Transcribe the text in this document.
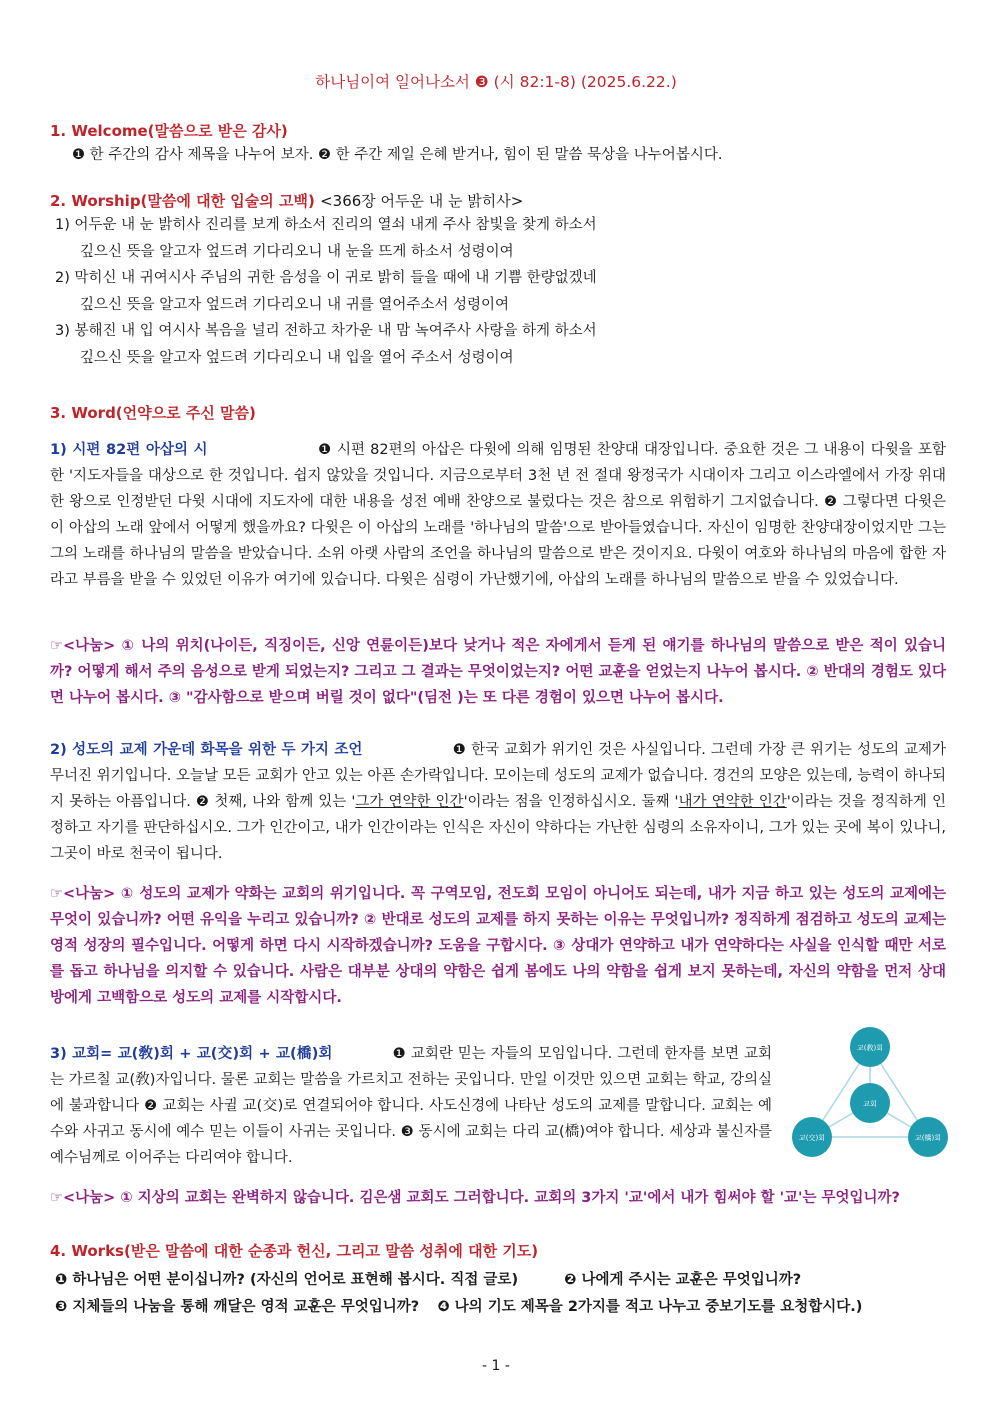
하나님이여 일어나소서 ❸ (시 82:1-8) (2025.6.22.)
1. Welcome(말씀으로 받은 감사)
❶ 한 주간의 감사 제목을 나누어 보자. ❷ 한 주간 제일 은혜 받거나, 힘이 된 말씀 묵상을 나누어봅시다.
2. Worship(말씀에 대한 입술의 고백) <366장 어두운 내 눈 밝히사>
1) 어두운 내 눈 밝히사 진리를 보게 하소서 진리의 열쇠 내게 주사 참빛을 찾게 하소서
깊으신 뜻을 알고자 엎드려 기다리오니 내 눈을 뜨게 하소서 성령이여
2) 막히신 내 귀여시사 주님의 귀한 음성을 이 귀로 밝히 들을 때에 내 기쁨 한량없겠네
깊으신 뜻을 알고자 엎드려 기다리오니 내 귀를 열어주소서 성령이여
3) 봉해진 내 입 여시사 복음을 널리 전하고 차가운 내 맘 녹여주사 사랑을 하게 하소서
깊으신 뜻을 알고자 엎드려 기다리오니 내 입을 열어 주소서 성령이여
3. Word(언약으로 주신 말씀)

1) 시편 82편 아삽의 시	❶ 시편 82편의 아삽은 다윗에 의해 임명된 찬양대 대장입니다. 중요한 것은 그 내용이 다윗을 포함한 '지도자들을 대상으로 한 것입니다. 쉽지 않았을 것입니다. 지금으로부터 3천 년 전 절대 왕정국가 시대이자 그리고 이스라엘에서 가장 위대한 왕으로 인정받던 다윗 시대에 지도자에 대한 내용을 성전 예배 찬양으로 불렀다는 것은 참으로 위험하기 그지없습니다. ❷ 그렇다면 다윗은 이 아삽의 노래 앞에서 어떻게 했을까요? 다윗은 이 아삽의 노래를 '하나님의 말씀'으로 받아들였습니다. 자신이 임명한 찬양대장이었지만 그는 그의 노래를 하나님의 말씀을 받았습니다. 소위 아랫 사람의 조언을 하나님의 말씀으로 받은 것이지요. 다윗이 여호와 하나님의 마음에 합한 자라고 부름을 받을 수 있었던 이유가 여기에 있습니다. 다윗은 심령이 가난했기에, 아삽의 노래를 하나님의 말씀으로 받을 수 있었습니다.

☞<나눔> ① 나의 위치(나이든, 직징이든, 신앙 연륜이든)보다 낮거나 적은 자에게서 듣게 된 얘기를 하나님의 말씀으로 받은 적이 있습니까? 어떻게 해서 주의 음성으로 받게 되었는지? 그리고 그 결과는 무엇이었는지? 어떤 교훈을 얻었는지 나누어 봅시다. ② 반대의 경험도 있다면 나누어 봅시다. ③ "감사함으로 받으며 버릴 것이 없다"(딤전 )는 또 다른 경험이 있으면 나누어 봅시다.

2) 성도의 교제 가운데 화목을 위한 두 가지 조언	❶ 한국 교회가 위기인 것은 사실입니다. 그런데 가장 큰 위기는 성도의 교제가 무너진 위기입니다. 오늘날 모든 교회가 안고 있는 아픈 손가락입니다. 모이는데 성도의 교제가 없습니다. 경건의 모양은 있는데, 능력이 하나되지 못하는 아픔입니다. ❷ 첫째, 나와 함께 있는 '그가 연약한 인간'이라는 점을 인정하십시오. 둘째 '내가 연약한 인간'이라는 것을 정직하게 인정하고 자기를 판단하십시오. 그가 인간이고, 내가 인간이라는 인식은 자신이 약하다는 가난한 심령의 소유자이니, 그가 있는 곳에 복이 있나니, 그곳이 바로 천국이 됩니다.

☞<나눔> ① 성도의 교제가 약화는 교회의 위기입니다. 꼭 구역모임, 전도회 모임이 아니어도 되는데, 내가 지금 하고 있는 성도의 교제에는 무엇이 있습니까? 어떤 유익을 누리고 있습니까? ② 반대로 성도의 교제를 하지 못하는 이유는 무엇입니까? 정직하게 점검하고 성도의 교제는 영적 성장의 필수입니다. 어떻게 하면 다시 시작하겠습니까? 도움을 구합시다. ③ 상대가 연약하고 내가 연약하다는 사실을 인식할 때만 서로를 돕고 하나님을 의지할 수 있습니다. 사람은 대부분 상대의 약함은 쉽게 봄에도 나의 약함을 쉽게 보지 못하는데, 자신의 약함을 먼저 상대방에게 고백함으로 성도의 교제를 시작합시다.

3) 교회= 교(敎)회 + 교(交)회 + 교(橋)회	❶ 교회란 믿는 자들의 모임입니다. 그런데 한자를 보면 교회는 가르칠 교(敎)자입니다. 물론 교회는 말씀을 가르치고 전하는 곳입니다. 만일 이것만 있으면 교회는 학교, 강의실에 불과합니다 ❷ 교회는 사귈 교(交)로 연결되어야 합니다. 사도신경에 나타난 성도의 교제를 말합니다. 교회는 예수와 사귀고 동시에 예수 믿는 이들이 사귀는 곳입니다. ❸ 동시에 교회는 다리 교(橋)여야 합니다. 세상과 불신자를 예수님께로 이어주는 다리여야 합니다.

교(敎)회
교회
교(交)회	교(橋)회

☞<나눔> ① 지상의 교회는 완벽하지 않습니다. 김은샘 교회도 그러합니다. 교회의 3가지 '교'에서 내가 힘써야 할 '교'는 무엇입니까?

4. Works(받은 말씀에 대한 순종과 헌신, 그리고 말씀 성취에 대한 기도)
❶ 하나님은 어떤 분이십니까? (자신의 언어로 표현해 봅시다. 직접 글로)	❷ 나에게 주시는 교훈은 무엇입니까?
❸ 지체들의 나눔을 통해 깨달은 영적 교훈은 무엇입니까? ❹ 나의 기도 제목을 2가지를 적고 나누고 중보기도를 요청합시다.)
- 1 -
